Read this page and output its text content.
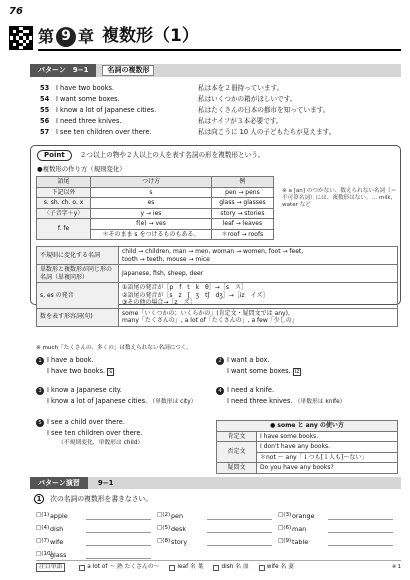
76
第 9 章 複数形（1）
パターン　9−1	名詞の複数形
53	I have two books.	私は本を２冊持っています。
54	I want some boxes.	私はいくつかの箱がほしいです。
55	I know a lot of Japanese cities.	私はたくさんの日本の都市を知っています。
56	I need three knives.	私はナイフが３本必要です。
57	I see ten children over there.	私は向こうに 10 人の子どもたちが見えます。
Point ２つ以上の物や２人以上の人を表す名詞の形を複数形という。
●複数形の作り方（規則変化）
語尾	つけ方	例
下記以外	s	pen → pens
s. sh. ch. o. x	es	glass → glasses
〈子音字＋y〉	y → ies	story → stories
f. fe	f(e) → ves	leaf → leaves
	＊そのまま s をつけるものもある。	＊roof → roofs
※ a [an] のつかない、数えられない名詞（＝不可算名詞）には、複数形はない。… milk, water など
不規則に変化する名詞	child → children, man → men, woman → women, foot → feet,
tooth → teeth, mouse → mice

単数形と複数形が同じ形の名詞（単複同形）	Japanese, fish, sheep, deer

s, es の発音	①語尾の発音が［p　f　t　k　θ］→［s　ス］
②語尾の発音が［s　z　ʃ　ʒ　tʃ　dʒ］→［iz　イズ］
③その他の場合→［z　ズ］

数を表す形容詞(句)	some「いくつかの；いくらかの」(肯定文・疑問文では any),
many「たくさんの」, a lot of「たくさんの」, a few「少しの」
※ much「たくさんの，多くの」は数えられない名詞につく。
1 I have a book.
I have two books. s
2 I want a box.
I want some boxes. iz
3 I know a Japanese city.
I know a lot of Japanese cities. （単数形は city）
4 I need a knife.
I need three knives. （単数形は knife）
5 I see a child over there.
I see ten children over there.
（不規則変化．単数形は child）
● some と any の使い方	
肯定文	I have some books.
否定文	I don't have any books.
	＊not 〜 any「１つも[１人も]〜ない」
疑問文	Do you have any books?
パターン演習	9−1
1 次の名詞の複数形を書きなさい。
□(1) apple	□(2) pen	□(3) orange
□(4) dish	□(5) desk	□(6) man
□(7) wife	□(8) story	□(9) table
□(10)
glass
注目単語	a lot of 〜 熟 たくさんの〜	leaf 名 葉	dish 名 皿	wife 名 妻	※ 1
